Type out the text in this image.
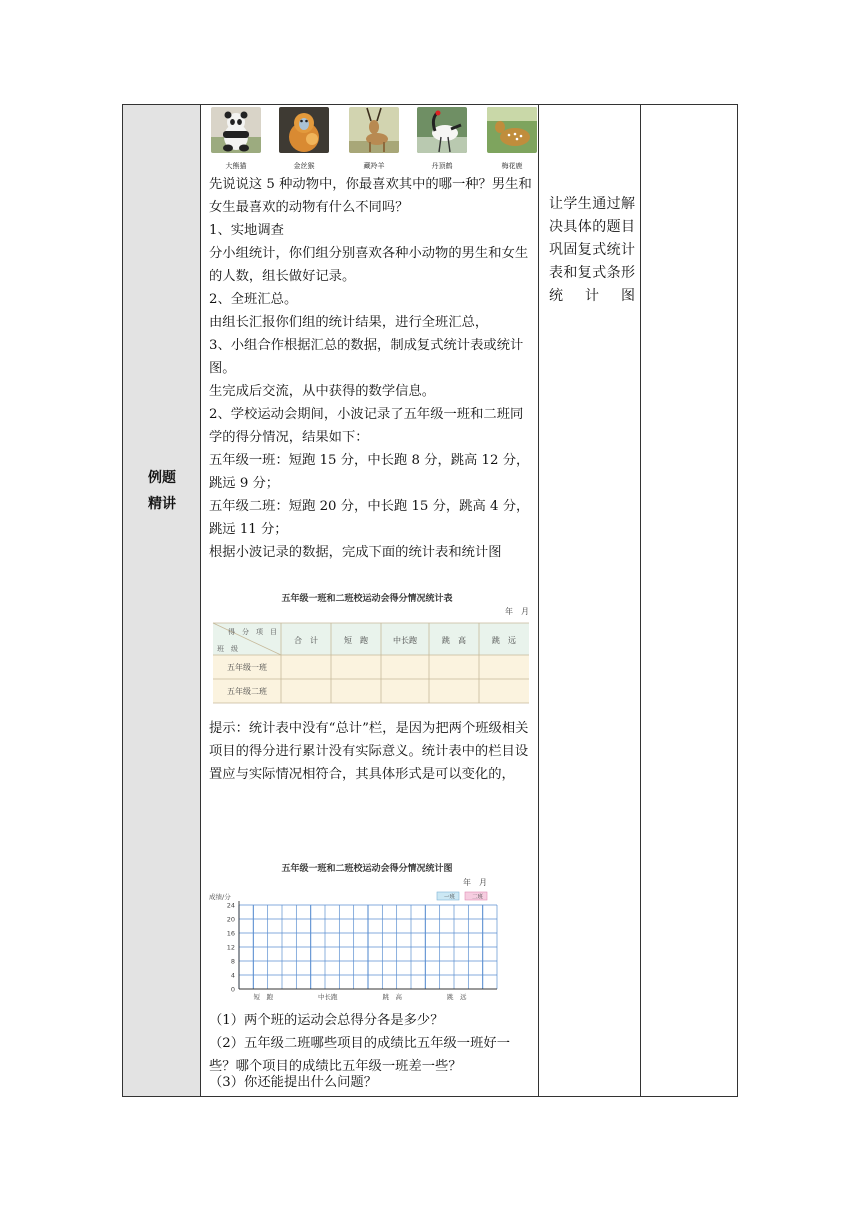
例题
精讲
大熊猫	金丝猴	藏羚羊	丹顶鹤	梅花鹿

先说说这 5 种动物中，你最喜欢其中的哪一种？男生和女生最喜欢的动物有什么不同吗？

1、实地调查

分小组统计，你们组分别喜欢各种小动物的男生和女生的人数，组长做好记录。

2、全班汇总。

由组长汇报你们组的统计结果，进行全班汇总，

3、小组合作根据汇总的数据，制成复式统计表或统计图。

生完成后交流，从中获得的数学信息。

2、学校运动会期间，小波记录了五年级一班和二班同学的得分情况，结果如下：

五年级一班：短跑 15 分，中长跑 8 分，跳高 12 分，跳远 9 分；

五年级二班：短跑 20 分，中长跑 15 分，跳高 4 分，跳远 11 分；

根据小波记录的数据，完成下面的统计表和统计图

五年级一班和二班校运动会得分情况统计表
年　月
得　分　项　目
班　级
合　计	短　跑	中长跑	跳　高	跳　远
五年级一班
五年级二班

提示：统计表中没有“总计”栏，是因为把两个班级相关项目的得分进行累计没有实际意义。统计表中的栏目设置应与实际情况相符合，其具体形式是可以变化的，

五年级一班和二班校运动会得分情况统计图
年　月
成绩/分	一班	二班
0
4
8
12
16
20
24
短　跑	中长跑	跳　高	跳　远

（1）两个班的运动会总得分各是多少？

（2）五年级二班哪些项目的成绩比五年级一班好一些？哪个项目的成绩比五年级一班差一些？

（3）你还能提出什么问题？

让学生通过解决具体的题目巩固复式统计表和复式条形统计图
